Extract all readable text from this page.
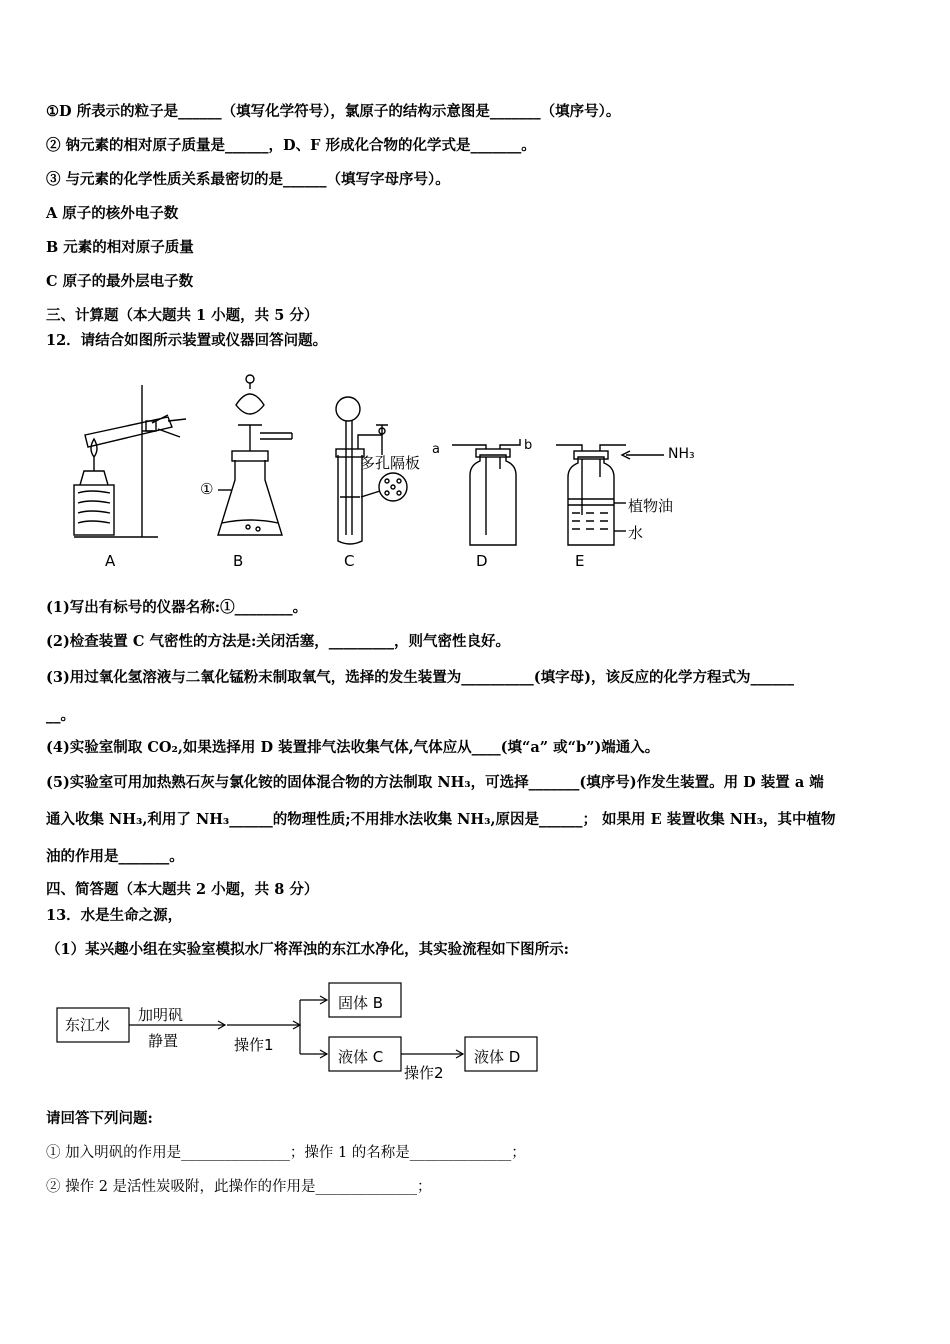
①D 所表示的粒子是______（填写化学符号），氯原子的结构示意图是_______（填序号）。
② 钠元素的相对原子质量是______，D、F 形成化合物的化学式是_______。
③ 与元素的化学性质关系最密切的是______（填写字母序号）。
A 原子的核外电子数
B 元素的相对原子质量
C 原子的最外层电子数
三、计算题（本大题共 1 小题，共 5 分）
12．请结合如图所示装置或仪器回答问题。
A	B	C	D	E
①
多孔隔板
a	b
NH₃
植物油
水
(1)写出有标号的仪器名称:①________。
(2)检查装置 C 气密性的方法是:关闭活塞，_________，则气密性良好。
(3)用过氧化氢溶液与二氧化锰粉末制取氧气，选择的发生装置为__________(填字母)，该反应的化学方程式为______
__。
(4)实验室制取 CO₂,如果选择用 D 装置排气法收集气体,气体应从____(填“a” 或“b”)端通入。
(5)实验室可用加热熟石灰与氯化铵的固体混合物的方法制取 NH₃，可选择_______(填序号)作发生装置。用 D 装置 a 端
通入收集 NH₃,利用了 NH₃______的物理性质;不用排水法收集 NH₃,原因是______； 如果用 E 装置收集 NH₃，其中植物
油的作用是_______。
四、简答题（本大题共 2 小题，共 8 分）
13．水是生命之源，
（1）某兴趣小组在实验室模拟水厂将浑浊的东江水净化，其实验流程如下图所示:
东江水
加明矾
静置	操作1
固体 B
液体 C
操作2
液体 D
请回答下列问题:
① 加入明矾的作用是_______________；操作 1 的名称是______________；
② 操作 2 是活性炭吸附，此操作的作用是______________；
